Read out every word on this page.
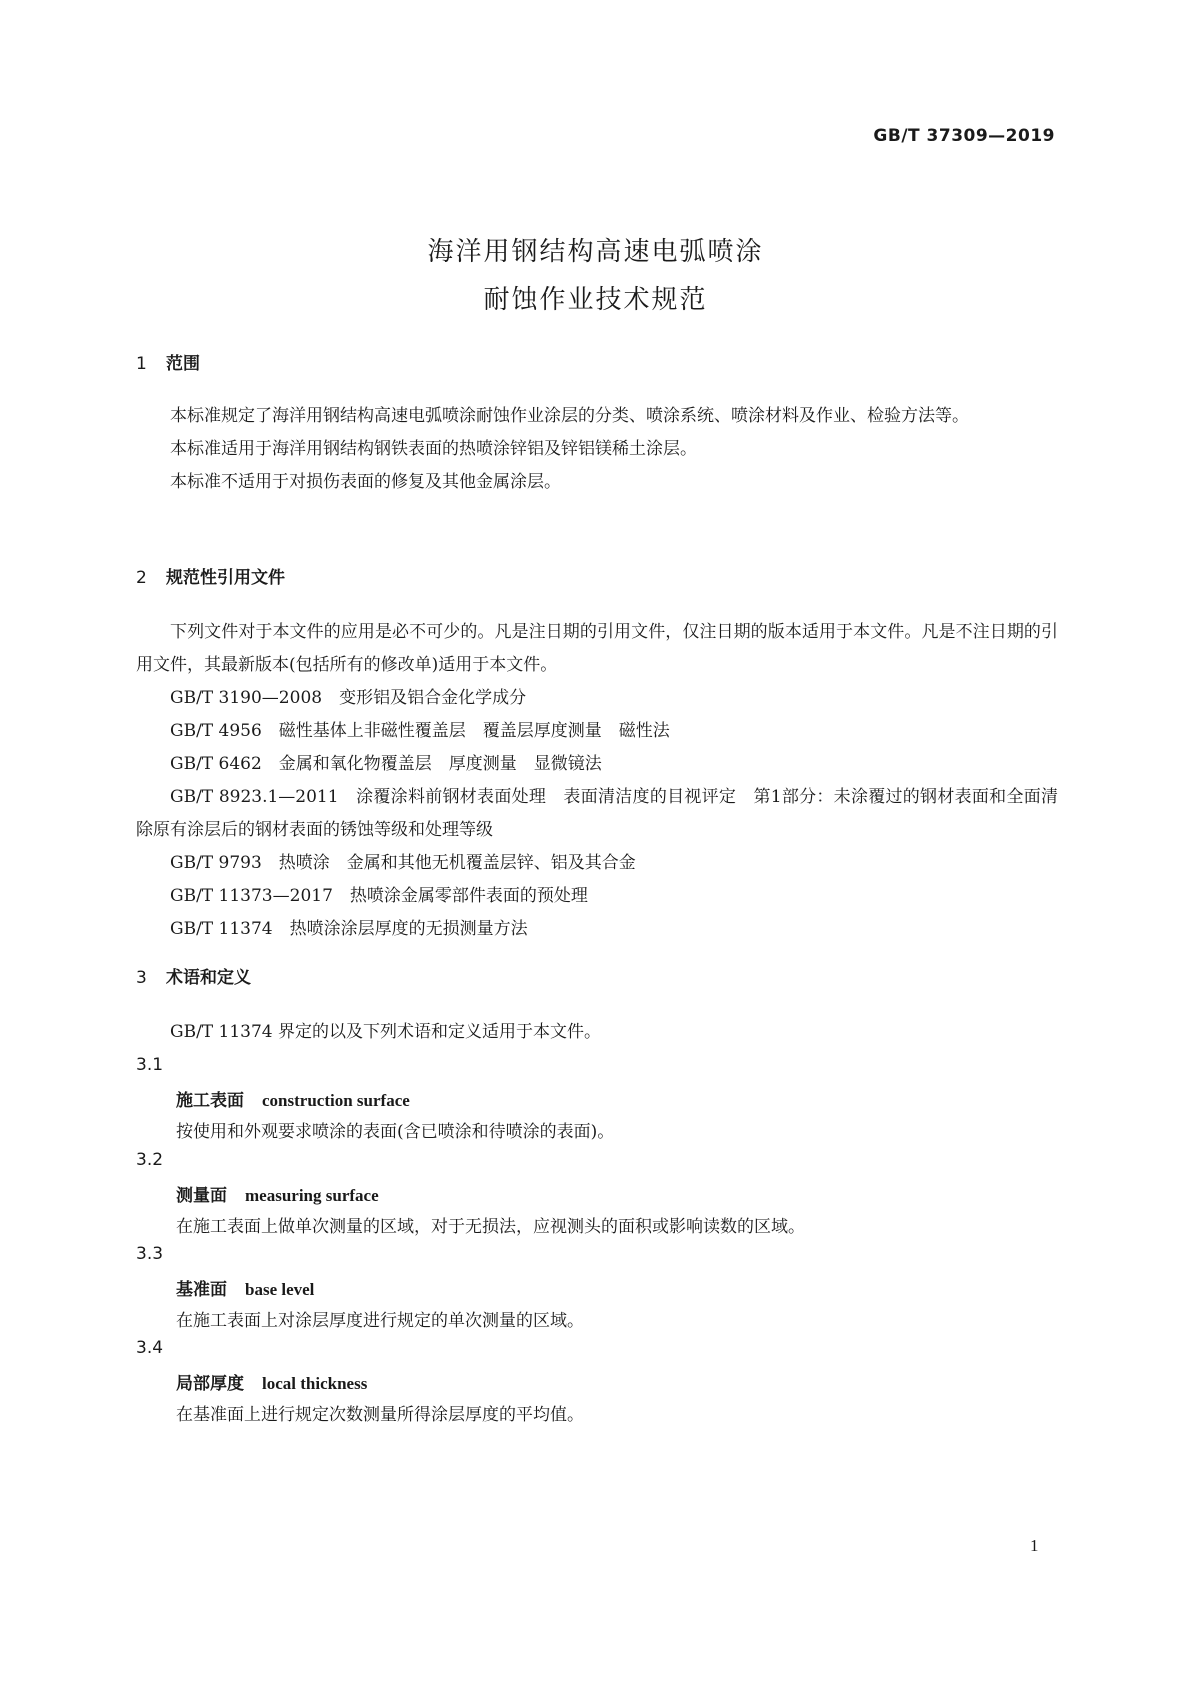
GB/T 37309—2019
海洋用钢结构高速电弧喷涂
耐蚀作业技术规范
1 范围

本标准规定了海洋用钢结构高速电弧喷涂耐蚀作业涂层的分类、喷涂系统、喷涂材料及作业、检验方法等。

本标准适用于海洋用钢结构钢铁表面的热喷涂锌铝及锌铝镁稀土涂层。

本标准不适用于对损伤表面的修复及其他金属涂层。

2 规范性引用文件

下列文件对于本文件的应用是必不可少的。凡是注日期的引用文件，仅注日期的版本适用于本文件。凡是不注日期的引用文件，其最新版本(包括所有的修改单)适用于本文件。

GB/T 3190—2008　变形铝及铝合金化学成分

GB/T 4956　磁性基体上非磁性覆盖层　覆盖层厚度测量　磁性法

GB/T 6462　金属和氧化物覆盖层　厚度测量　显微镜法

GB/T 8923.1—2011　涂覆涂料前钢材表面处理　表面清洁度的目视评定　第1部分：未涂覆过的钢材表面和全面清除原有涂层后的钢材表面的锈蚀等级和处理等级

GB/T 9793　热喷涂　金属和其他无机覆盖层锌、铝及其合金

GB/T 11373—2017　热喷涂金属零部件表面的预处理

GB/T 11374　热喷涂涂层厚度的无损测量方法

3 术语和定义

GB/T 11374 界定的以及下列术语和定义适用于本文件。

3.1
施工表面 construction surface
按使用和外观要求喷涂的表面(含已喷涂和待喷涂的表面)。
3.2
测量面 measuring surface
在施工表面上做单次测量的区域，对于无损法，应视测头的面积或影响读数的区域。
3.3
基准面 base level
在施工表面上对涂层厚度进行规定的单次测量的区域。
3.4
局部厚度 local thickness
在基准面上进行规定次数测量所得涂层厚度的平均值。
1
